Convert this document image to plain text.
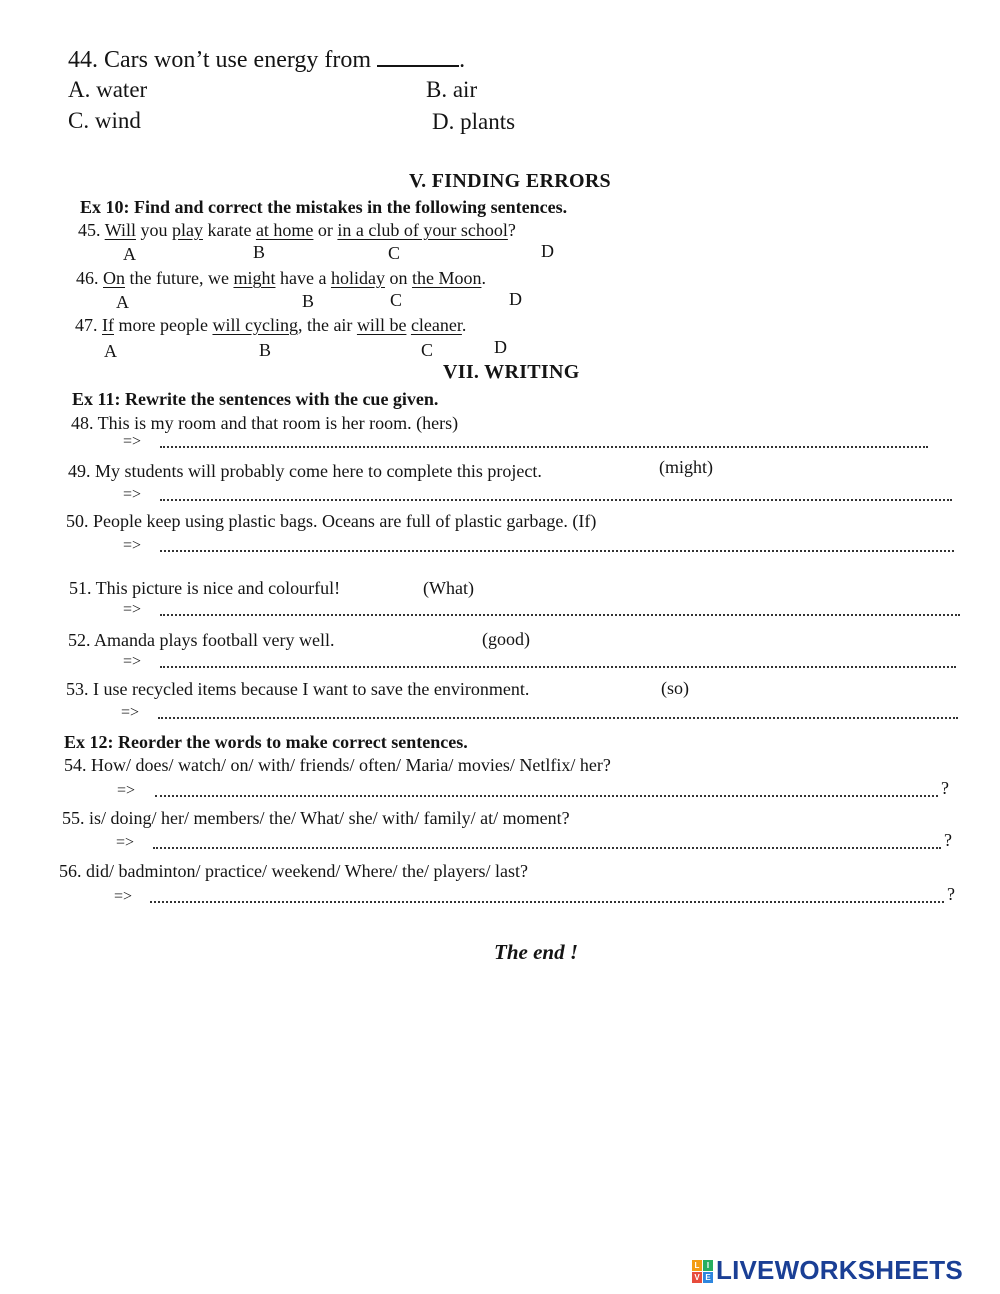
44. Cars won’t use energy from	.
A. water	B. air
C. wind	D. plants
V. FINDING ERRORS
Ex 10: Find and correct the mistakes in the following sentences.
45. Will you play karate at home or in a club of your school?
A	B	C	D
46. On the future, we might have a holiday on the Moon.
A	B	C	D
47. If more people will cycling, the air will be cleaner.
A	B	C	D
VII. WRITING
Ex 11: Rewrite the sentences with the cue given.
48. This is my room and that room is her room. (hers)
=>
49. My students will probably come here to complete this project.	(might)
=>
50. People keep using plastic bags. Oceans are full of plastic garbage. (If)
=>
51. This picture is nice and colourful!	(What)
=>
52. Amanda plays football very well.	(good)
=>
53. I use recycled items because I want to save the environment.	(so)
=>
Ex 12: Reorder the words to make correct sentences.
54. How/ does/ watch/ on/ with/ friends/ often/ Maria/ movies/ Netlfix/ her?
=>	?
55. is/ doing/ her/ members/ the/ What/ she/ with/ family/ at/ moment?
=>	?
56. did/ badminton/ practice/ weekend/ Where/ the/ players/ last?
=>	?
The end !
L I
V E LIVEWORKSHEETS
